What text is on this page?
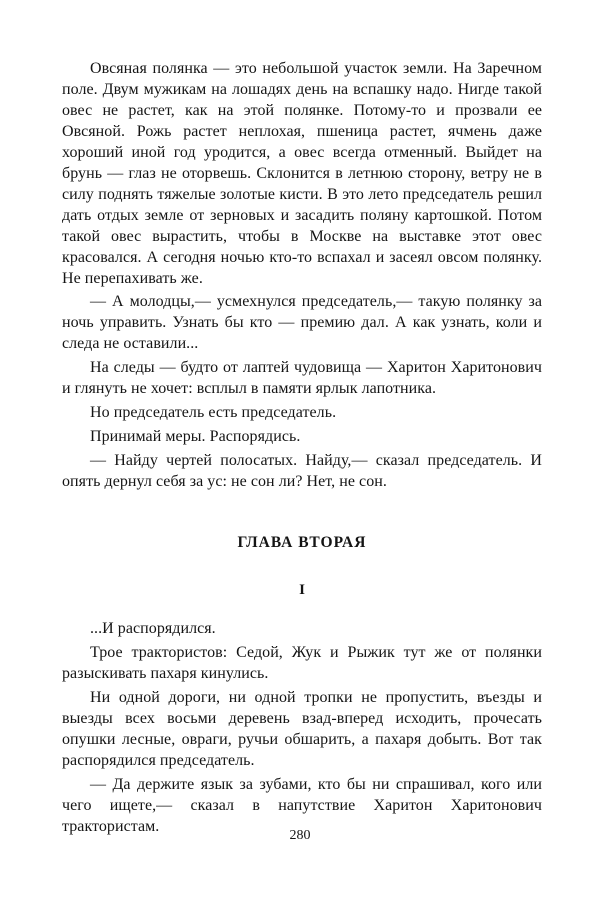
Овсяная полянка — это небольшой участок земли. На Заречном поле. Двум мужикам на лошадях день на вспашку надо. Нигде такой овес не растет, как на этой полянке. Потому-то и прозвали ее Овсяной. Рожь растет неплохая, пшеница растет, ячмень даже хороший иной год уродится, а овес всегда отменный. Выйдет на брунь — глаз не оторвешь. Склонится в летнюю сторону, ветру не в силу поднять тяжелые золотые кисти. В это лето председатель решил дать отдых земле от зерновых и засадить поляну картошкой. Потом такой овес вырастить, чтобы в Москве на выставке этот овес красовался. А сегодня ночью кто-то вспахал и засеял овсом полянку. Не перепахивать же.

— А молодцы,— усмехнулся председатель,— такую полянку за ночь управить. Узнать бы кто — премию дал. А как узнать, коли и следа не оставили...

На следы — будто от лаптей чудовища — Харитон Харитонович и глянуть не хочет: всплыл в памяти ярлык лапотника.

Но председатель есть председатель.

Принимай меры. Распорядись.

— Найду чертей полосатых. Найду,— сказал председатель. И опять дернул себя за ус: не сон ли? Нет, не сон.

ГЛАВА ВТОРАЯ
I

...И распорядился.

Трое трактористов: Седой, Жук и Рыжик тут же от полянки разыскивать пахаря кинулись.

Ни одной дороги, ни одной тропки не пропустить, въезды и выезды всех восьми деревень взад-вперед исходить, прочесать опушки лесные, овраги, ручьи обшарить, а пахаря добыть. Вот так распорядился председатель.

— Да держите язык за зубами, кто бы ни спрашивал, кого или чего ищете,— сказал в напутствие Харитон Харитонович трактористам.

280
